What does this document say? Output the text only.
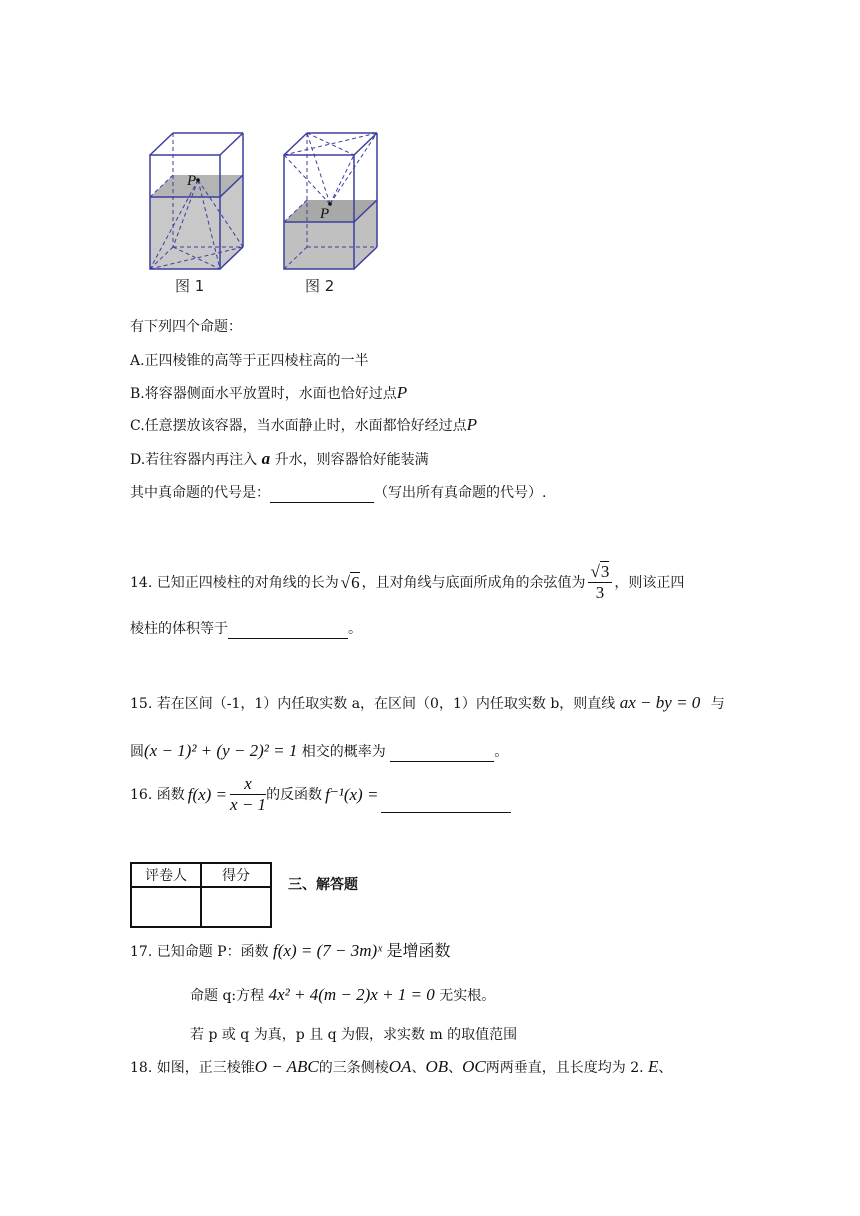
P
图 1
P
图 2
有下列四个命题：
A.正四棱锥的高等于正四棱柱高的一半
B.将容器侧面水平放置时，水面也恰好过点P
C.任意摆放该容器，当水面静止时，水面都恰好经过点P
D.若往容器内再注入 a 升水，则容器恰好能装满
其中真命题的代号是：	（写出所有真命题的代号）.
14. 已知正四棱柱的对角线的长为 √6 ，且对角线与底面所成角的余弦值为 $\frac{√3}{3}$ ，则该正四
棱柱的体积等于	。
15. 若在区间（-1，1）内任取实数 a，在区间（0，1）内任取实数 b，则直线 ax − by = 0 与
圆(x − 1)² + (y − 2)² = 1 相交的概率为	。
16. 函数 $f(x) = \frac{x}{x - 1}$ 的反函数 f⁻¹(x) =

评卷人	得分

三、解答题
17. 已知命题 P：函数 f(x) = (7 − 3m)ˣ 是增函数
命题 q:方程 4x² + 4(m − 2)x + 1 = 0 无实根。
若 p 或 q 为真，p 且 q 为假，求实数 m 的取值范围
18. 如图，正三棱锥O − ABC的三条侧棱OA、OB、OC两两垂直，且长度均为 2. E、
